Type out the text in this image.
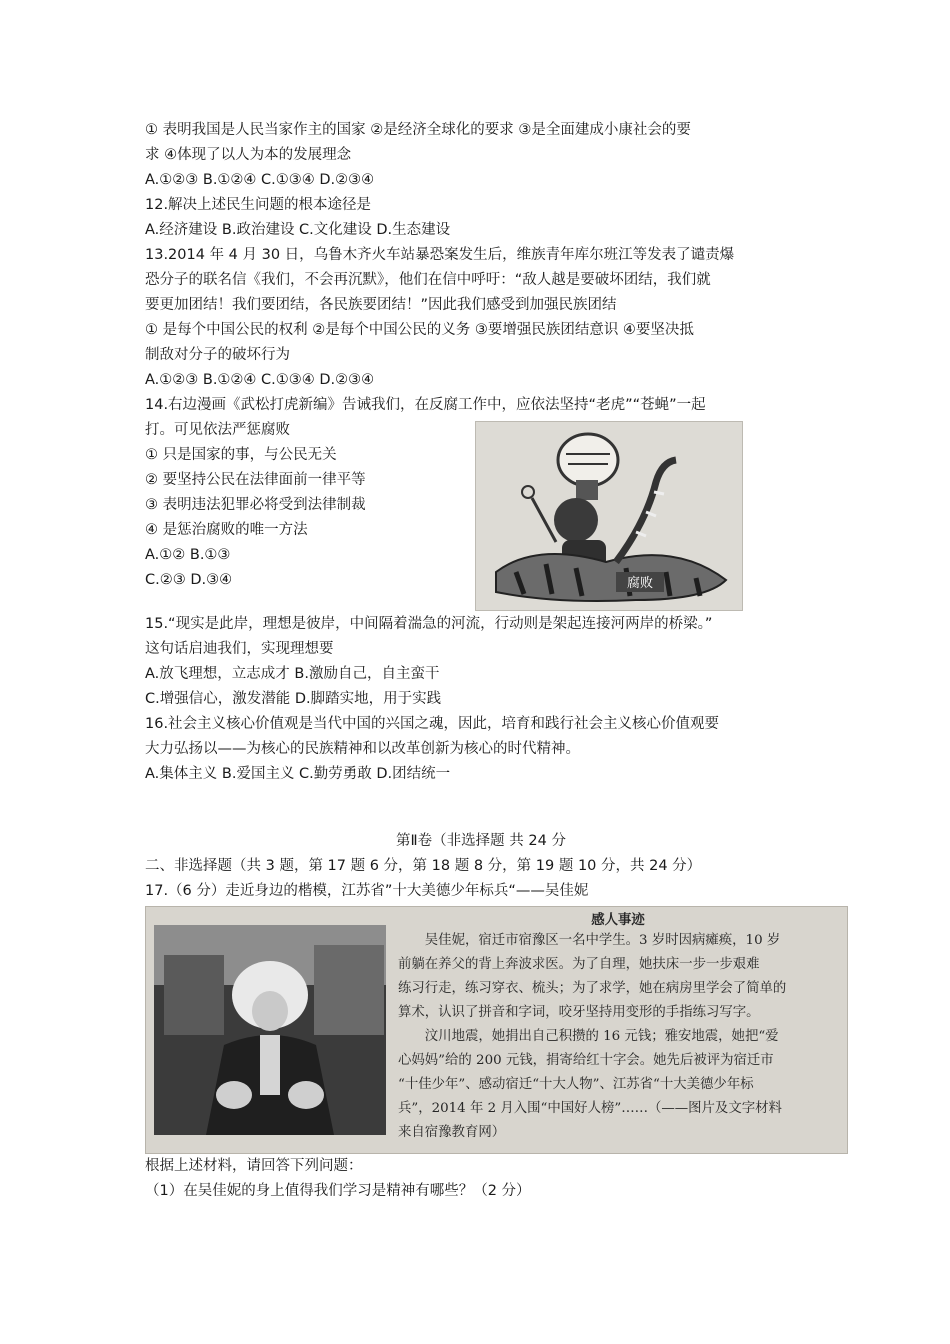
① 表明我国是人民当家作主的国家 ②是经济全球化的要求 ③是全面建成小康社会的要
求 ④体现了以人为本的发展理念
A.①②③ B.①②④ C.①③④ D.②③④
12.解决上述民生问题的根本途径是
A.经济建设 B.政治建设 C.文化建设 D.生态建设
13.2014 年 4 月 30 日，乌鲁木齐火车站暴恐案发生后，维族青年库尔班江等发表了谴责爆
恐分子的联名信《我们，不会再沉默》，他们在信中呼吁：“敌人越是要破坏团结，我们就
要更加团结！我们要团结，各民族要团结！”因此我们感受到加强民族团结
① 是每个中国公民的权利 ②是每个中国公民的义务 ③要增强民族团结意识 ④要坚决抵
制敌对分子的破坏行为
A.①②③ B.①②④ C.①③④ D.②③④
14.右边漫画《武松打虎新编》告诫我们，在反腐工作中，应依法坚持“老虎”“苍蝇”一起
打。可见依法严惩腐败
① 只是国家的事，与公民无关
② 要坚持公民在法律面前一律平等
③ 表明违法犯罪必将受到法律制裁
④ 是惩治腐败的唯一方法
A.①② B.①③
C.②③ D.③④	腐败
15.“现实是此岸，理想是彼岸，中间隔着湍急的河流，行动则是架起连接河两岸的桥梁。”
这句话启迪我们，实现理想要
A.放飞理想，立志成才 B.激励自己，自主蛮干
C.增强信心，激发潜能 D.脚踏实地，用于实践
16.社会主义核心价值观是当代中国的兴国之魂，因此，培育和践行社会主义核心价值观要
大力弘扬以——为核心的民族精神和以改革创新为核心的时代精神。
A.集体主义 B.爱国主义 C.勤劳勇敢 D.团结统一
第Ⅱ卷（非选择题 共 24 分
二、非选择题（共 3 题，第 17 题 6 分，第 18 题 8 分，第 19 题 10 分，共 24 分）
17.（6 分）走近身边的楷模，江苏省”十大美德少年标兵“——吴佳妮
感人事迹
吴佳妮，宿迁市宿豫区一名中学生。3 岁时因病瘫痪，10 岁
前躺在养父的背上奔波求医。为了自理，她扶床一步一步艰难
练习行走，练习穿衣、梳头；为了求学，她在病房里学会了简单的
算术，认识了拼音和字词，咬牙坚持用变形的手指练习写字。
汶川地震，她捐出自己积攒的 16 元钱；雅安地震，她把“爱
心妈妈”给的 200 元钱，捐寄给红十字会。她先后被评为宿迁市
“十佳少年”、感动宿迁“十大人物”、江苏省“十大美德少年标
兵”，2014 年 2 月入围“中国好人榜”……（——图片及文字材料
来自宿豫教育网）
根据上述材料，请回答下列问题：
（1）在吴佳妮的身上值得我们学习是精神有哪些？（2 分）
